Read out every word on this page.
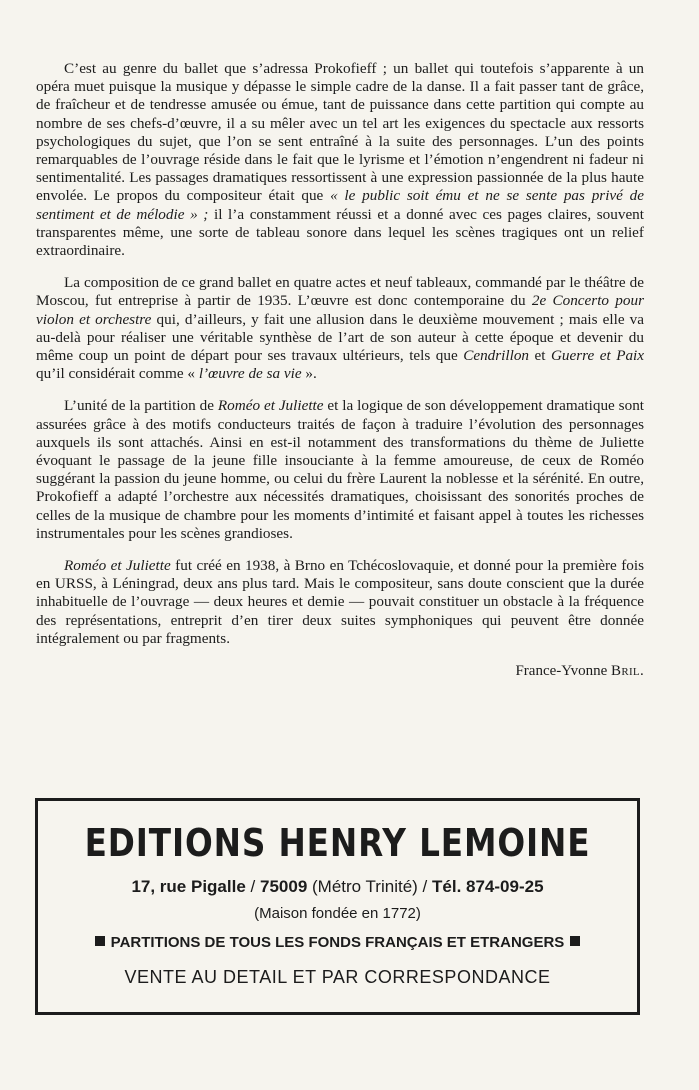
C’est au genre du ballet que s’adressa Prokofieff ; un ballet qui toutefois s’apparente à un opéra muet puisque la musique y dépasse le simple cadre de la danse. Il a fait passer tant de grâce, de fraîcheur et de tendresse amusée ou émue, tant de puissance dans cette partition qui compte au nombre de ses chefs-d’œuvre, il a su mêler avec un tel art les exigences du spectacle aux ressorts psychologiques du sujet, que l’on se sent entraîné à la suite des personnages. L’un des points remarquables de l’ouvrage réside dans le fait que le lyrisme et l’émotion n’engendrent ni fadeur ni sentimentalité. Les passages dramatiques ressortissent à une expression passionnée de la plus haute envolée. Le propos du compositeur était que « le public soit ému et ne se sente pas privé de sentiment et de mélodie » ; il l’a constamment réussi et a donné avec ces pages claires, souvent transparentes même, une sorte de tableau sonore dans lequel les scènes tragiques ont un relief extraordinaire.

La composition de ce grand ballet en quatre actes et neuf tableaux, commandé par le théâtre de Moscou, fut entreprise à partir de 1935. L’œuvre est donc contemporaine du 2e Concerto pour violon et orchestre qui, d’ailleurs, y fait une allusion dans le deuxième mouvement ; mais elle va au-delà pour réaliser une véritable synthèse de l’art de son auteur à cette époque et devenir du même coup un point de départ pour ses travaux ultérieurs, tels que Cendrillon et Guerre et Paix qu’il considérait comme « l’œuvre de sa vie ».

L’unité de la partition de Roméo et Juliette et la logique de son développement dramatique sont assurées grâce à des motifs conducteurs traités de façon à traduire l’évolution des personnages auxquels ils sont attachés. Ainsi en est-il notamment des transformations du thème de Juliette évoquant le passage de la jeune fille insouciante à la femme amoureuse, de ceux de Roméo suggérant la passion du jeune homme, ou celui du frère Laurent la noblesse et la sérénité. En outre, Prokofieff a adapté l’orchestre aux nécessités dramatiques, choisissant des sonorités proches de celles de la musique de chambre pour les moments d’intimité et faisant appel à toutes les richesses instrumentales pour les scènes grandioses.

Roméo et Juliette fut créé en 1938, à Brno en Tchécoslovaquie, et donné pour la première fois en URSS, à Léningrad, deux ans plus tard. Mais le compositeur, sans doute conscient que la durée inhabituelle de l’ouvrage — deux heures et demie — pouvait constituer un obstacle à la fréquence des représentations, entreprit d’en tirer deux suites symphoniques qui peuvent être donnée intégralement ou par fragments.

France-Yvonne Bril.

EDITIONS HENRY LEMOINE
17, rue Pigalle / 75009 (Métro Trinité) / Tél. 874-09-25
(Maison fondée en 1772)
PARTITIONS DE TOUS LES FONDS FRANÇAIS ET ETRANGERS
VENTE AU DETAIL ET PAR CORRESPONDANCE
